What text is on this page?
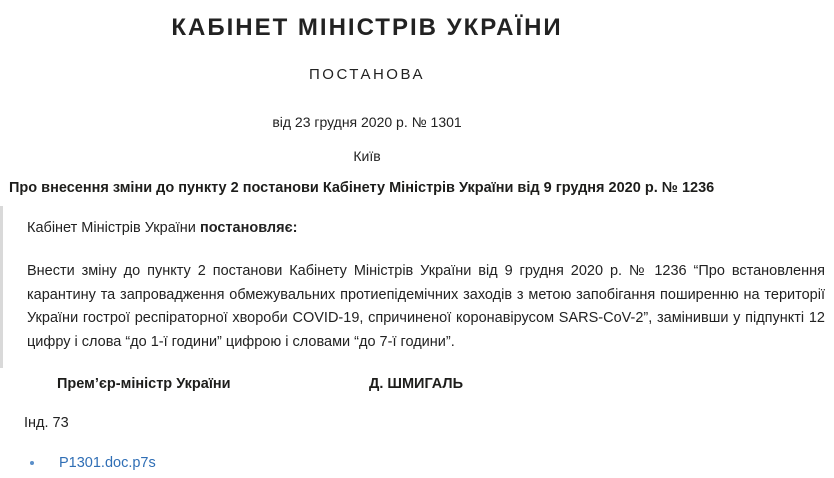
КАБІНЕТ МІНІСТРІВ УКРАЇНИ
ПОСТАНОВА
від 23 грудня 2020 р. № 1301
Київ
Про внесення зміни до пункту 2 постанови Кабінету Міністрів України від 9 грудня 2020 р. № 1236
Кабінет Міністрів України постановляє:
Внести зміну до пункту 2 постанови Кабінету Міністрів України від 9 грудня 2020 р. № 1236 “Про встановлення карантину та запровадження обмежувальних протиепідемічних заходів з метою запобігання поширенню на території України гострої респіраторної хвороби COVID-19, спричиненої коронавірусом SARS-CoV-2”, замінивши у підпункті 12 цифру і слова “до 1-ї години” цифрою і словами “до 7-ї години”.
Прем’єр-міністр України	Д. ШМИГАЛЬ
Інд. 73
P1301.doc.p7s
